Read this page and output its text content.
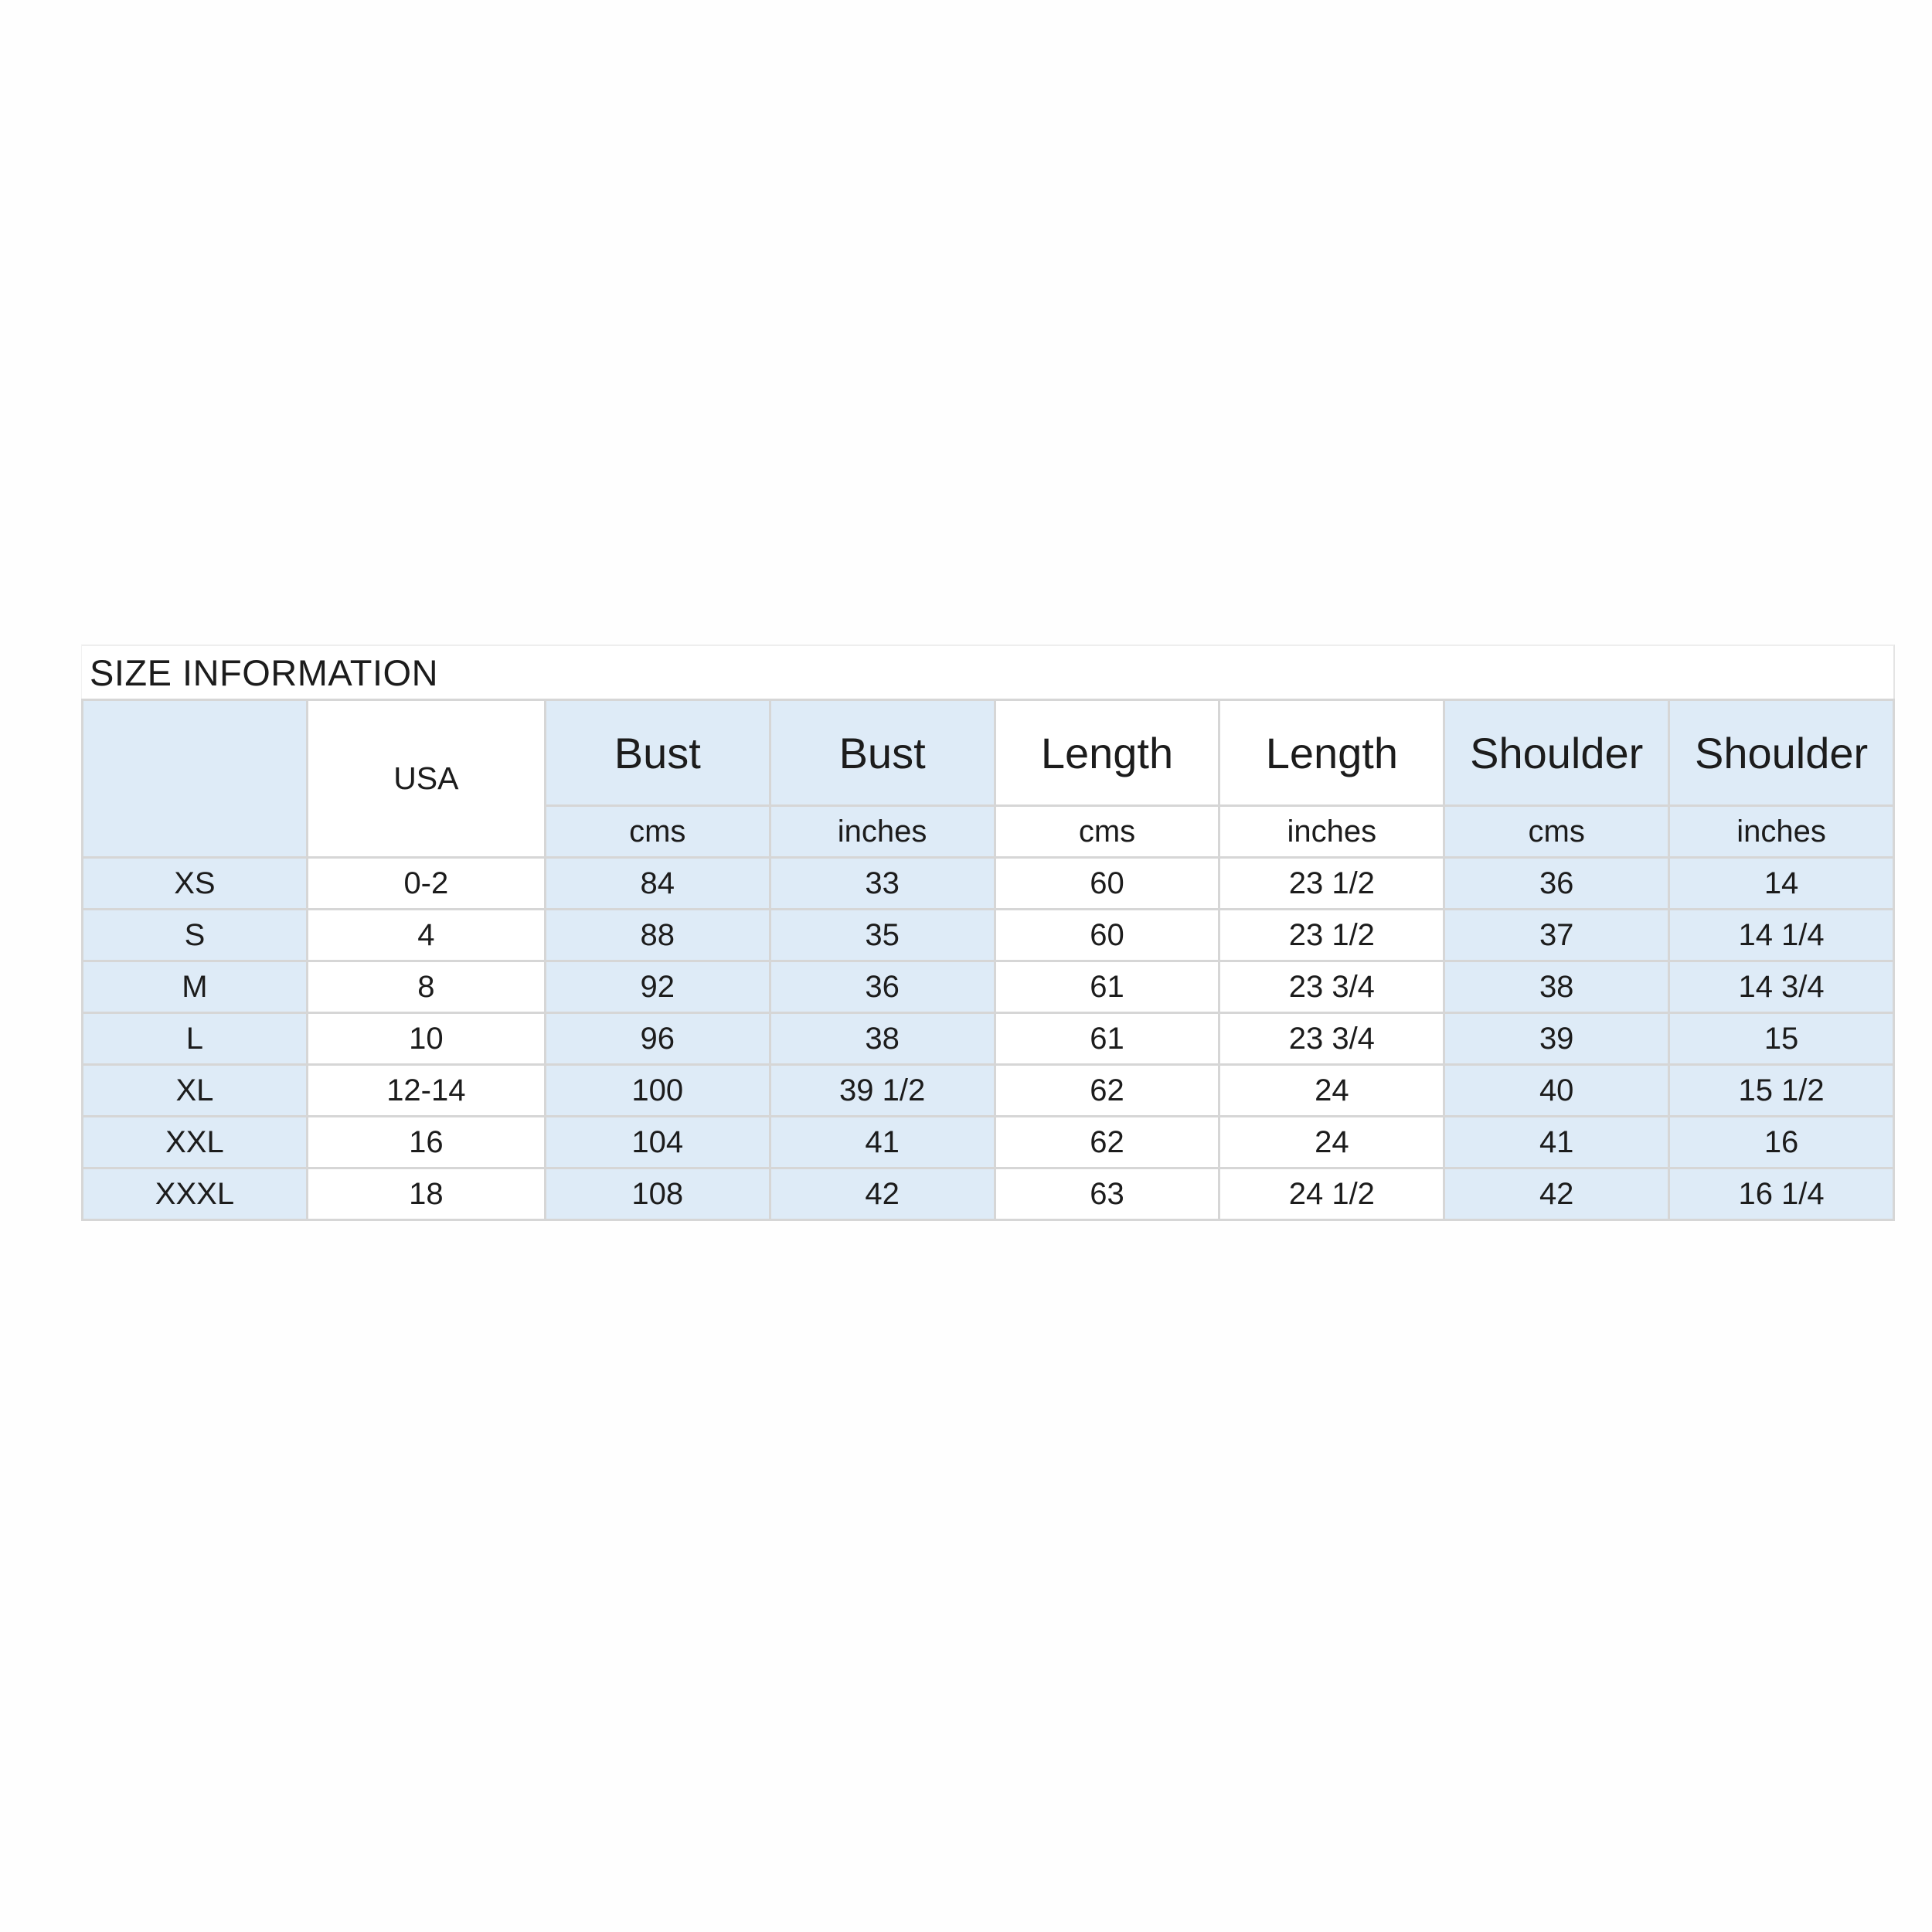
SIZE INFORMATION
	USA	Bust	Bust	Length	Length	Shoulder	Shoulder
		cms	inches	cms	inches	cms	inches
XS	0-2	84	33	60	23 1/2	36	14
S	4	88	35	60	23 1/2	37	14 1/4
M	8	92	36	61	23 3/4	38	14 3/4
L	10	96	38	61	23 3/4	39	15
XL	12-14	100	39 1/2	62	24	40	15 1/2
XXL	16	104	41	62	24	41	16
XXXL	18	108	42	63	24 1/2	42	16 1/4
